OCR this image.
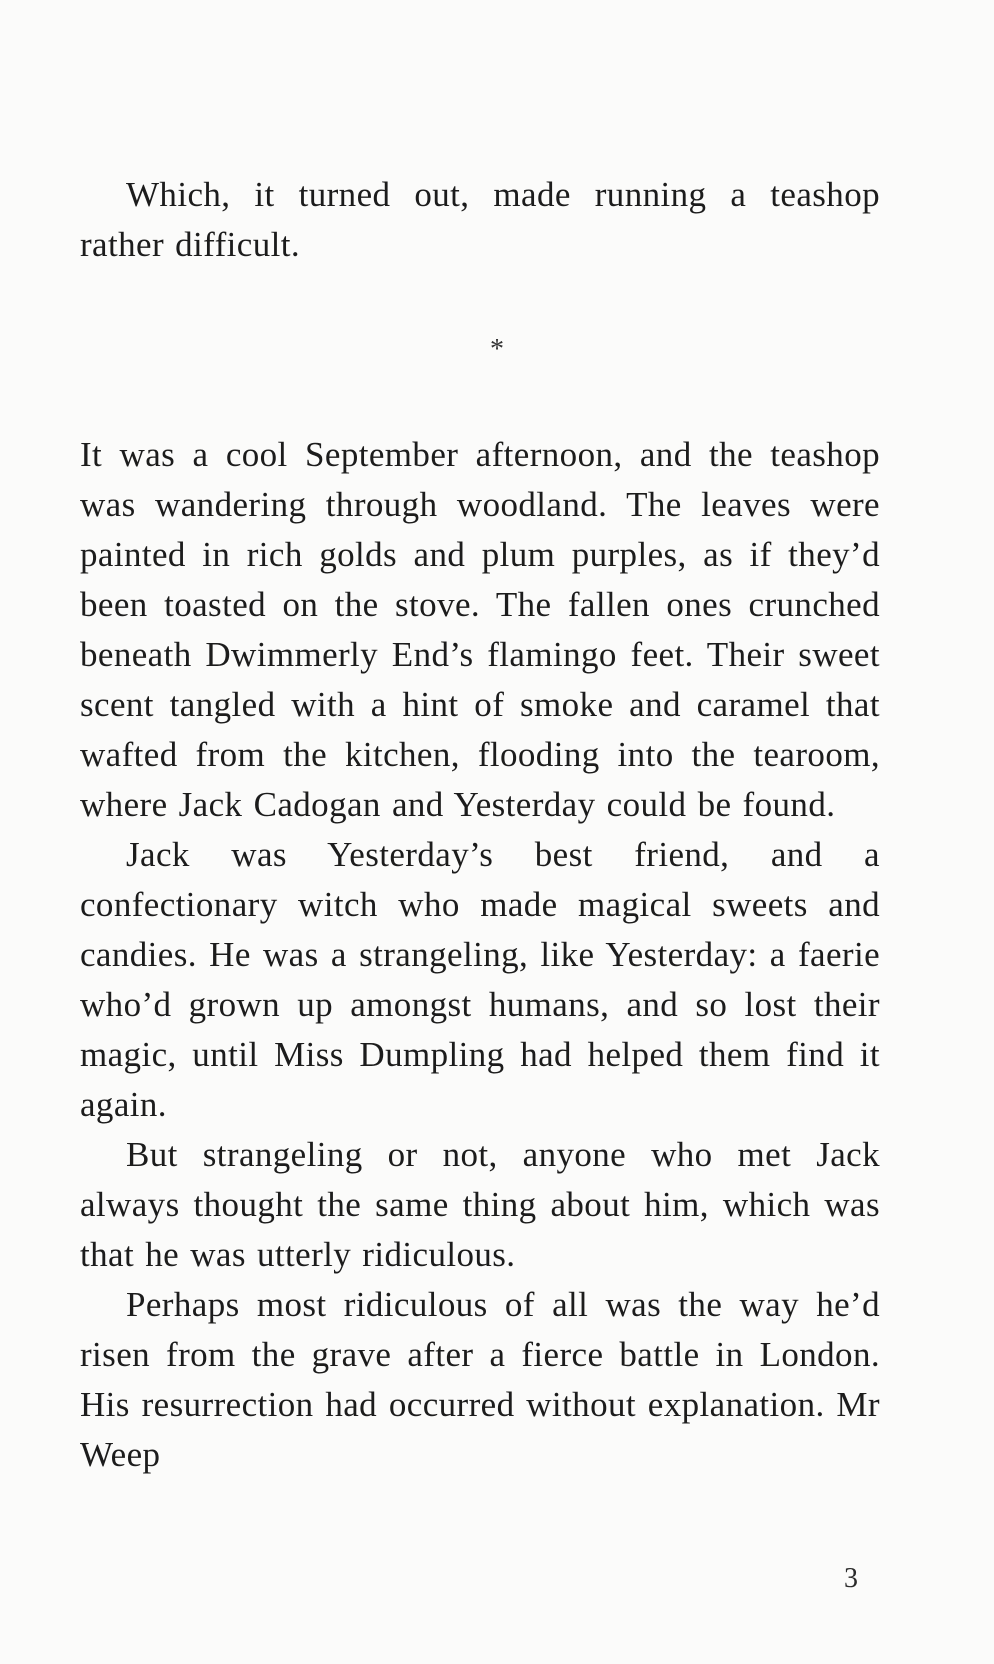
Which, it turned out, made running a teashop rather difficult.

*

It was a cool September afternoon, and the teashop was wandering through woodland. The leaves were painted in rich golds and plum purples, as if they’d been toasted on the stove. The fallen ones crunched beneath Dwimmerly End’s flamingo feet. Their sweet scent tangled with a hint of smoke and caramel that wafted from the kitchen, flooding into the tearoom, where Jack Cadogan and Yesterday could be found.

Jack was Yesterday’s best friend, and a confectionary witch who made magical sweets and candies. He was a strangeling, like Yesterday: a faerie who’d grown up amongst humans, and so lost their magic, until Miss Dumpling had helped them find it again.

But strangeling or not, anyone who met Jack always thought the same thing about him, which was that he was utterly ridiculous.

Perhaps most ridiculous of all was the way he’d risen from the grave after a fierce battle in London. His resurrection had occurred without explanation. Mr Weep

3
